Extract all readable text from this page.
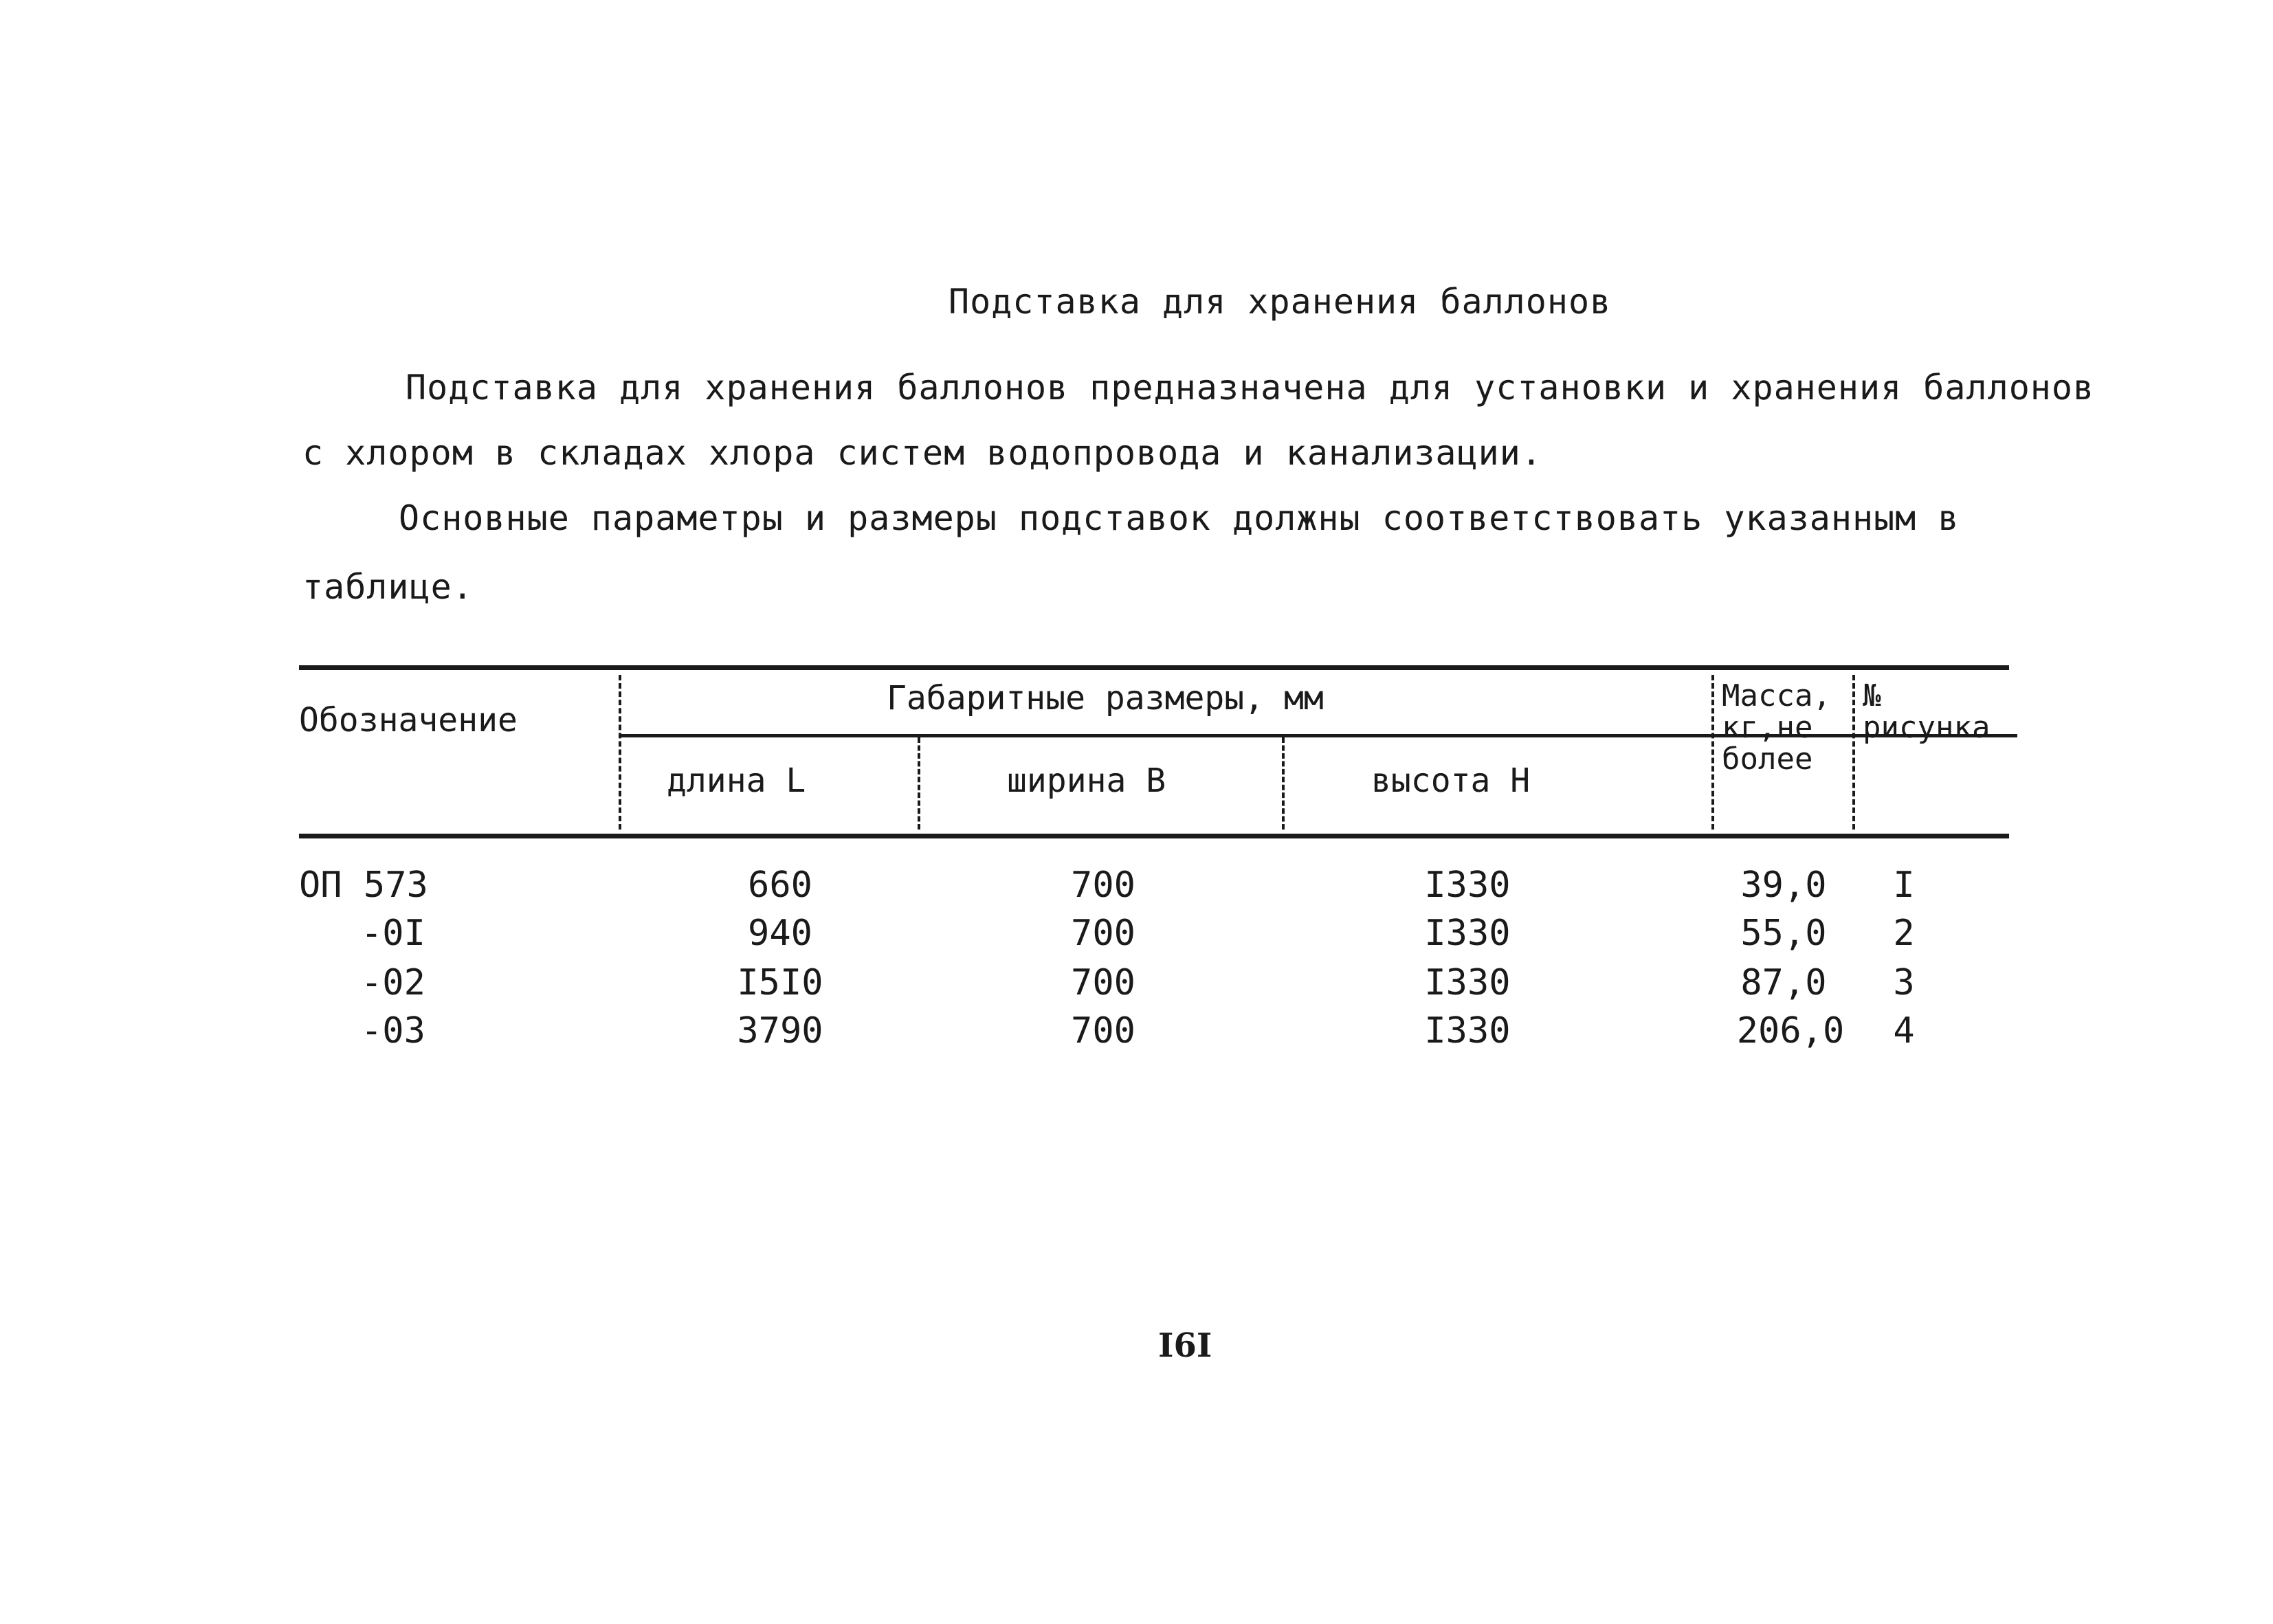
Подставка для хранения баллонов
Подставка для хранения баллонов предназначена для установки и хранения баллонов
с хлором в складах хлора систем водопровода и канализации.
Основные параметры и размеры подставок должны соответствовать указанным в
таблице.
Обозначение
Габаритные размеры, мм
длина L	ширина В	высота Н
Масса, кг,не более
№ рисунка
ОП 573	660	700	I330	39,0	I
-0I	940	700	I330	55,0	2
-02	I5I0	700	I330	87,0	3
-03	3790	700	I330	206,0	4
I6I
